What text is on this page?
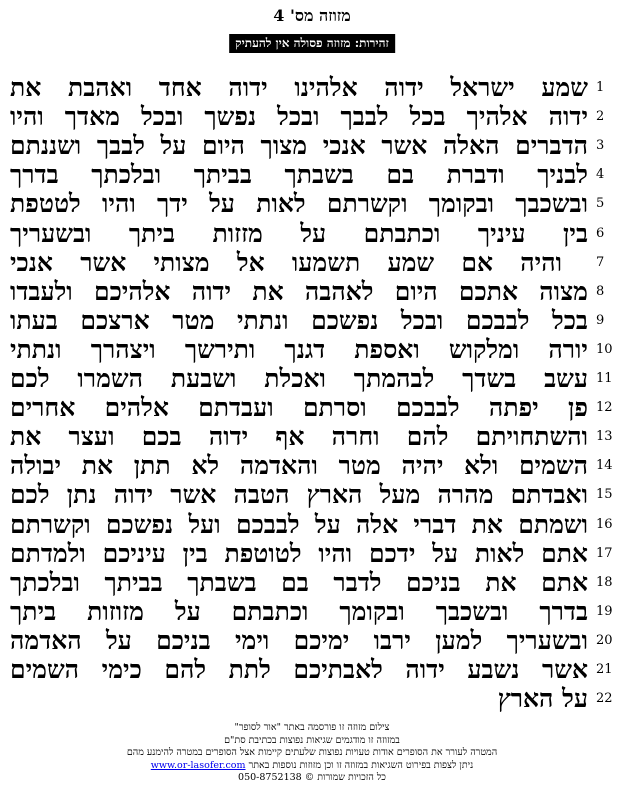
מזוזה מס' 4
זהירות: מזוזה פסולה אין להעתיק
שמע ישראל ידוה אלהינו ידוה אחד ואהבת את 1
ידוה אלהיך בכל לבבך ובכל נפשך ובכל מאדך והיו 2
הדברים האלה אשר אנכי מצוך היום על לבבך ושננתם 3
לבניך ודברת בם בשבתך בביתך ובלכתך בדרך 4
ובשכבך ובקומך וקשרתם לאות על ידך והיו לטטפת 5
בין עיניך וכתבתם על מזזות ביתך ובשעריך 6
והיה אם שמע תשמעו אל מצותי אשר אנכי	7
מצוה אתכם היום לאהבה את ידוה אלהיכם ולעבדו 8
בכל לבבכם ובכל נפשכם ונתתי מטר ארצכם בעתו 9
יורה ומלקוש ואספת דגנך ותירשך ויצהרך ונתתי 10
עשב בשדך לבהמתך ואכלת ושבעת השמרו לכם 11
פן יפתה לבבכם וסרתם ועבדתם אלהים אחרים 12
והשתחויתם להם וחרה אף ידוה בכם ועצר את 13
השמים ולא יהיה מטר והאדמה לא תתן את יבולה 14
ואבדתם מהרה מעל הארץ הטבה אשר ידוה נתן לכם 15
ושמתם את דברי אלה על לבבכם ועל נפשכם וקשרתם 16
אתם לאות על ידכם והיו לטוטפת בין עיניכם ולמדתם 17
אתם את בניכם לדבר בם בשבתך בביתך ובלכתך 18
בדרך ובשכבך ובקומך וכתבתם על מזוזות ביתך 19
ובשעריך למען ירבו ימיכם וימי בניכם על האדמה 20
אשר נשבע ידוה לאבתיכם לתת להם כימי השמים 21
על הארץ 22
צילום מזוזה זו פורסמה באתר "אור לסופר"
במזוזה זו מודגמים שגיאות נפוצות בכתיבת סת"ם
המטרה לעורר את הסופרים אודות טעויות נפוצות שלעתים קיימות אצל הסופרים במטרה להימנע מהם
ניתן לצפות בפירוט השגיאות במזוזה זו וכן מזוזות נוספות באתר www.or-lasofer.com
כל הזכויות שמורות © 050-8752138
